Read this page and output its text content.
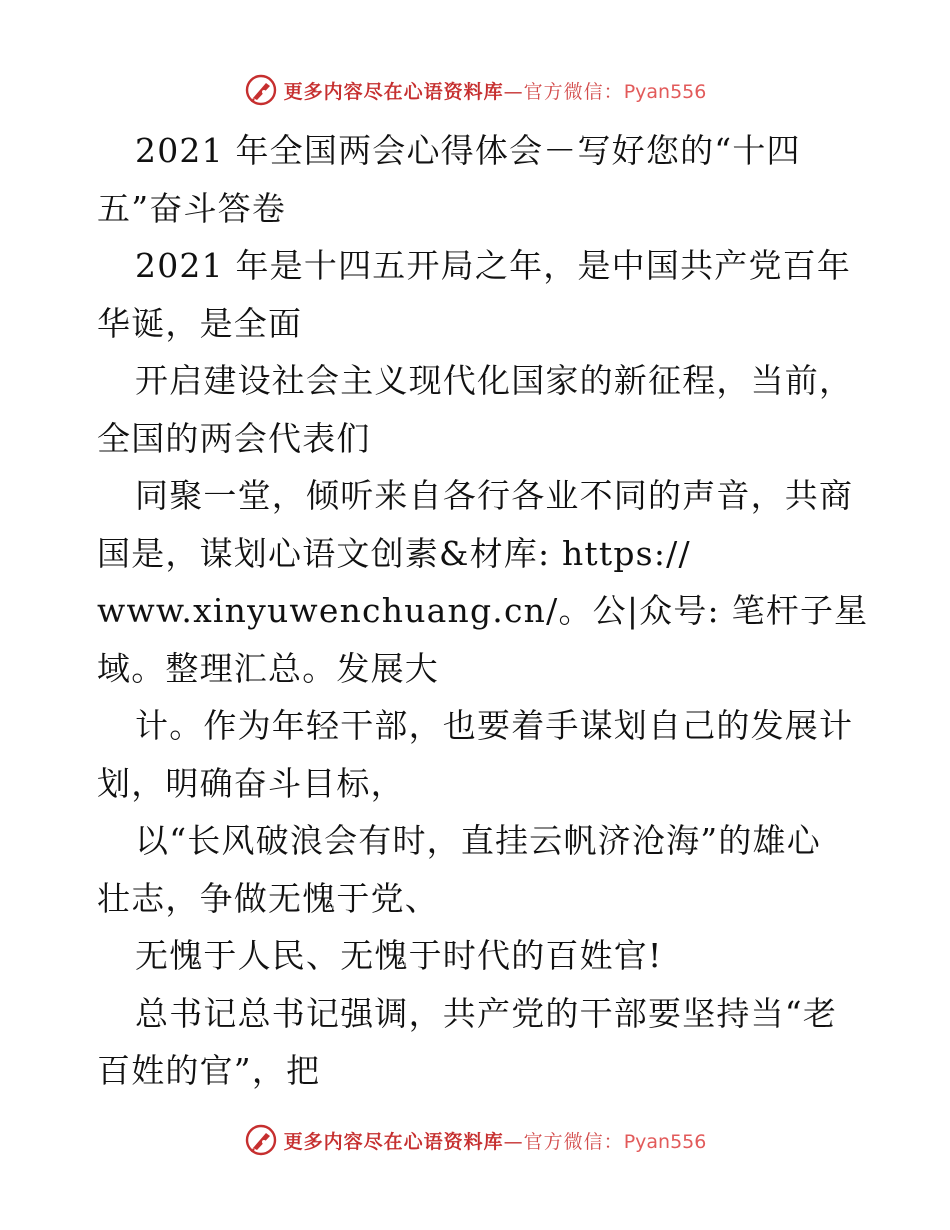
更多内容尽在心语资料库—官方微信：Pyan556
2021 年全国两会心得体会－写好您的“十四
五”奋斗答卷
2021 年是十四五开局之年，是中国共产党百年
华诞，是全面
开启建设社会主义现代化国家的新征程，当前，
全国的两会代表们
同聚一堂，倾听来自各行各业不同的声音，共商
国是，谋划心语文创素&材库: https://
www.xinyuwenchuang.cn/。公|众号: 笔杆子星
域。整理汇总。发展大
计。作为年轻干部，也要着手谋划自己的发展计
划，明确奋斗目标，
以“长风破浪会有时，直挂云帆济沧海”的雄心
壮志，争做无愧于党、
无愧于人民、无愧于时代的百姓官!
总书记总书记强调，共产党的干部要坚持当“老
百姓的官”，把
更多内容尽在心语资料库—官方微信：Pyan556
